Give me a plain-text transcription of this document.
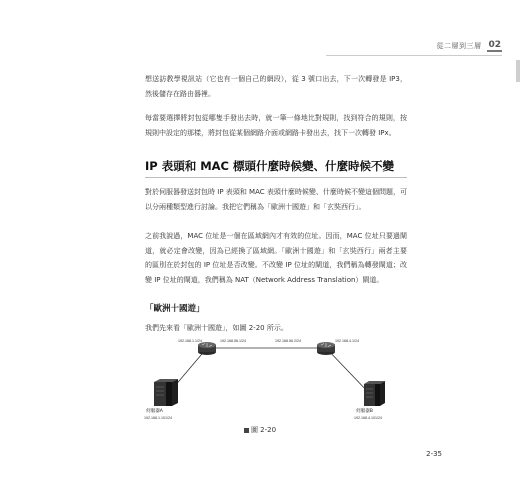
從二層到三層 02

想送訪教學視訊站（它也有一個自己的網段），從 3 號口出去，下一次轉發是 IP3，然後儲存在路由器裡。

每當要選擇將封包從哪隻手發出去時，就一筆一條地比對規則，找到符合的規則，按規則中設定的那樣，將封包從某個網路介面或網路卡發出去，找下一次轉發 IPx。

IP 表頭和 MAC 標頭什麼時候變、什麼時候不變

對於伺服器發送封包時 IP 表頭和 MAC 表頭什麼時候變、什麼時候不變這個問題，可以分兩種類型進行討論。我把它們稱為「歐洲十國遊」和「玄奘西行」。

之前我說過，MAC 位址是一個在區域網內才有效的位址。因而，MAC 位址只要過閘道，就必定會改變，因為已經換了區域網。「歐洲十國遊」和「玄奘西行」兩者主要的區別在於封包的 IP 位址是否改變。不改變 IP 位址的閘道，我們稱為轉發閘道；改變 IP 位址的閘道，我們稱為 NAT（Network Address Translation）閘道。

「歐洲十國遊」

我們先來看「歐洲十國遊」，如圖 2-20 所示。

192.168.1.1/24	192.168.56.1/24	192.168.56.2/24	192.168.4.1/24
伺服器A
192.168.1.101/24
伺服器B
192.168.4.101/24
圖 2-20
2-35
